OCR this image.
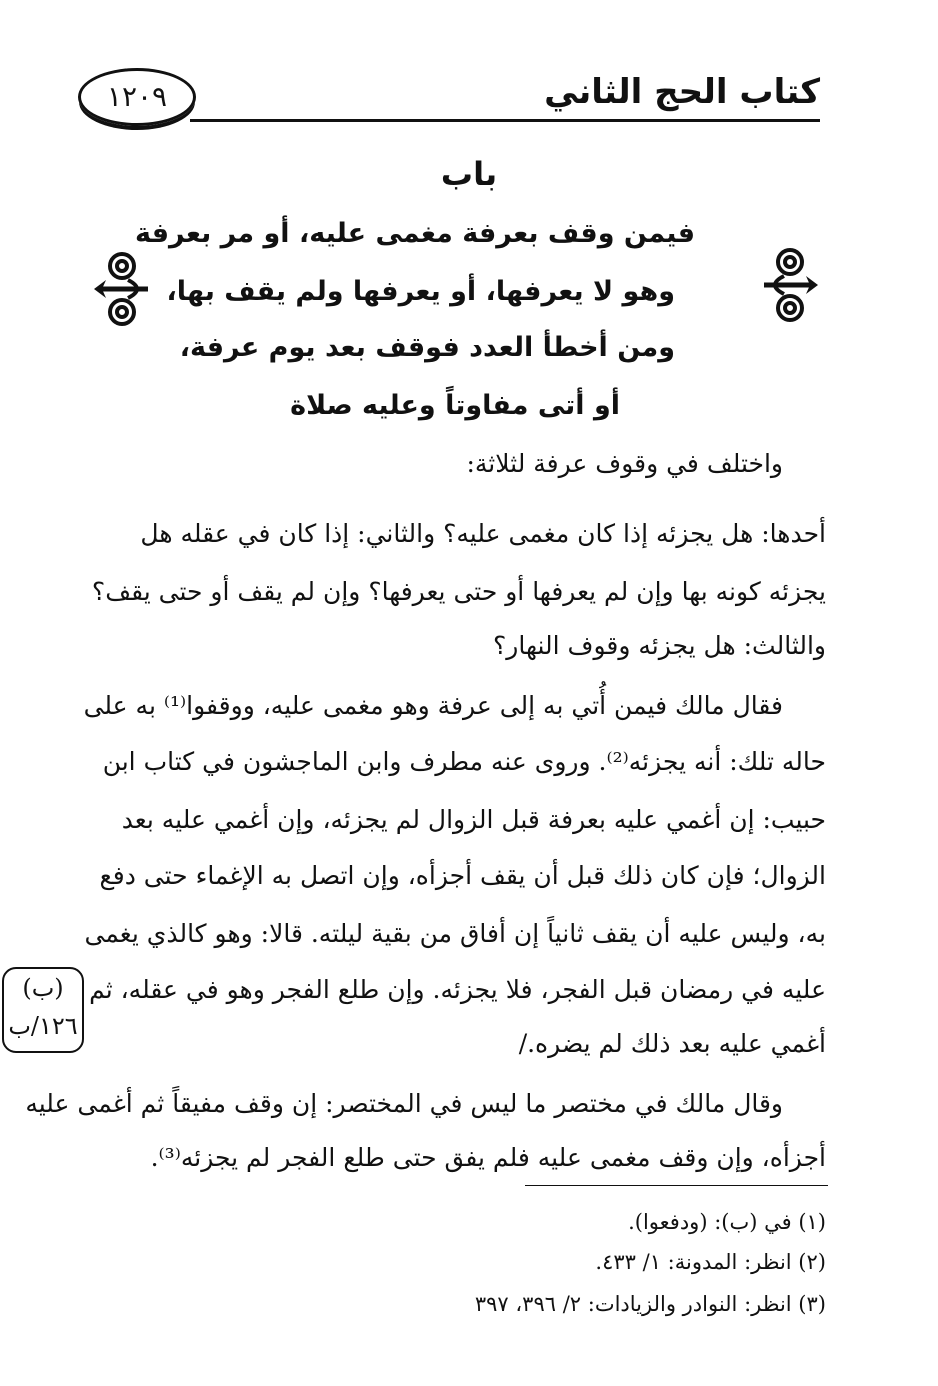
كتاب الحج الثاني
١٢٠٩
باب
فيمن وقف بعرفة مغمى عليه، أو مر بعرفة
وهو لا يعرفها، أو يعرفها ولم يقف بها،
ومن أخطأ العدد فوقف بعد يوم عرفة،
أو أتى مفاوتاً وعليه صلاة
واختلف في وقوف عرفة لثلاثة:
أحدها: هل يجزئه إذا كان مغمى عليه؟ والثاني: إذا كان في عقله هل
يجزئه كونه بها وإن لم يعرفها أو حتى يعرفها؟ وإن لم يقف أو حتى يقف؟
والثالث: هل يجزئه وقوف النهار؟
فقال مالك فيمن أُتي به إلى عرفة وهو مغمى عليه، ووقفوا⁽¹⁾ به على
حاله تلك: أنه يجزئه⁽²⁾. وروى عنه مطرف وابن الماجشون في كتاب ابن
حبيب: إن أغمي عليه بعرفة قبل الزوال لم يجزئه، وإن أغمي عليه بعد
الزوال؛ فإن كان ذلك قبل أن يقف أجزأه، وإن اتصل به الإغماء حتى دفع
به، وليس عليه أن يقف ثانياً إن أفاق من بقية ليلته. قالا: وهو كالذي يغمى
عليه في رمضان قبل الفجر، فلا يجزئه. وإن طلع الفجر وهو في عقله، ثم
أغمي عليه بعد ذلك لم يضره./
وقال مالك في مختصر ما ليس في المختصر: إن وقف مفيقاً ثم أغمى عليه
أجزأه، وإن وقف مغمى عليه فلم يفق حتى طلع الفجر لم يجزئه⁽³⁾.
(ب)
١٢٦/ب
(١) في (ب): (ودفعوا).
(٢) انظر: المدونة: ١/ ٤٣٣.
(٣) انظر: النوادر والزيادات: ٢/ ٣٩٦، ٣٩٧
